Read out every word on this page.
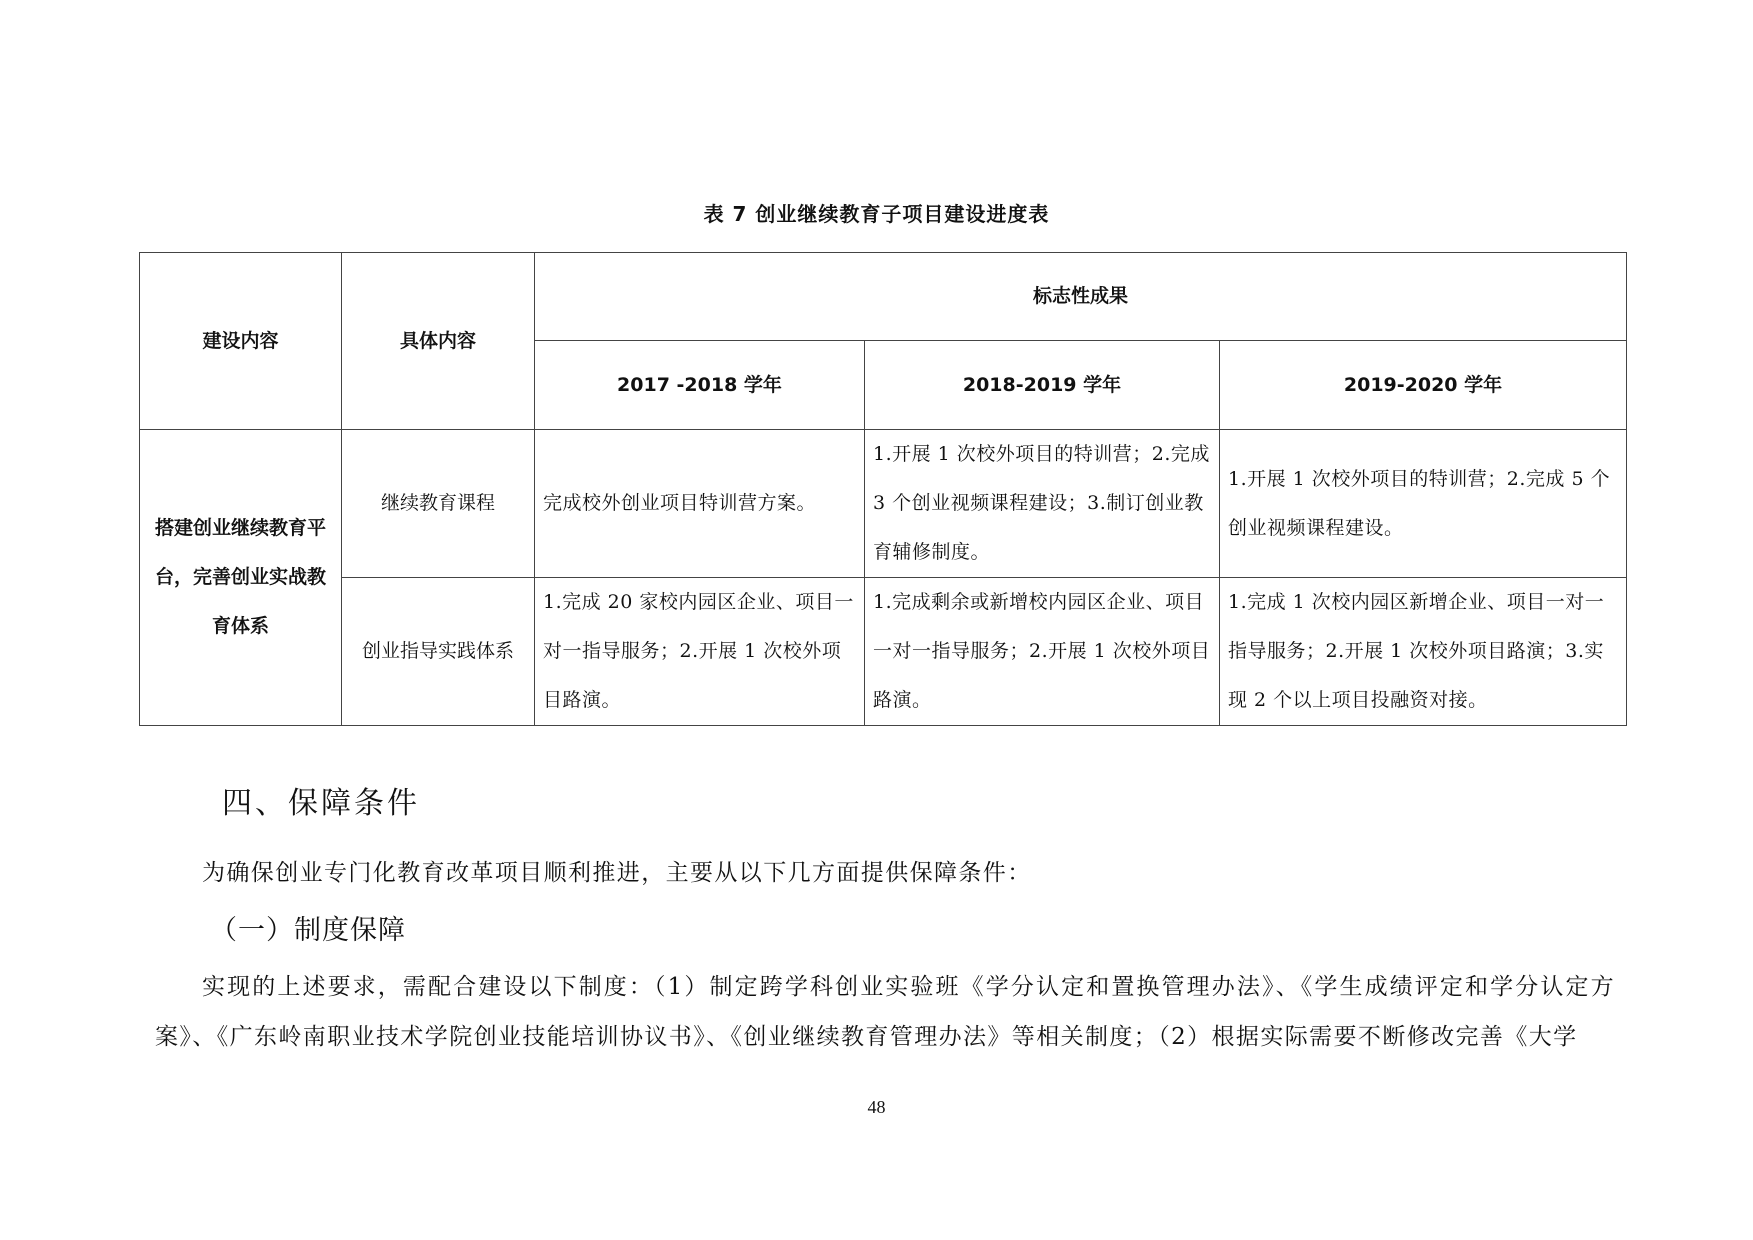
表 7 创业继续教育子项目建设进度表
建设内容	具体内容	标志性成果		
		2017 -2018 学年	2018-2019 学年	2019-2020 学年
搭建创业继续教育平台，完善创业实战教育体系	继续教育课程	完成校外创业项目特训营方案。	1.开展 1 次校外项目的特训营；2.完成 3 个创业视频课程建设；3.制订创业教育辅修制度。	1.开展 1 次校外项目的特训营；2.完成 5 个创业视频课程建设。
	创业指导实践体系	1.完成 20 家校内园区企业、项目一对一指导服务；2.开展 1 次校外项目路演。	1.完成剩余或新增校内园区企业、项目一对一指导服务；2.开展 1 次校外项目路演。	1.完成 1 次校内园区新增企业、项目一对一指导服务；2.开展 1 次校外项目路演；3.实现 2 个以上项目投融资对接。
四、保障条件
为确保创业专门化教育改革项目顺利推进，主要从以下几方面提供保障条件：
（一）制度保障
实现的上述要求，需配合建设以下制度：（1）制定跨学科创业实验班《学分认定和置换管理办法》、《学生成绩评定和学分认定方案》、《广东岭南职业技术学院创业技能培训协议书》、《创业继续教育管理办法》等相关制度；（2）根据实际需要不断修改完善《大学
48
